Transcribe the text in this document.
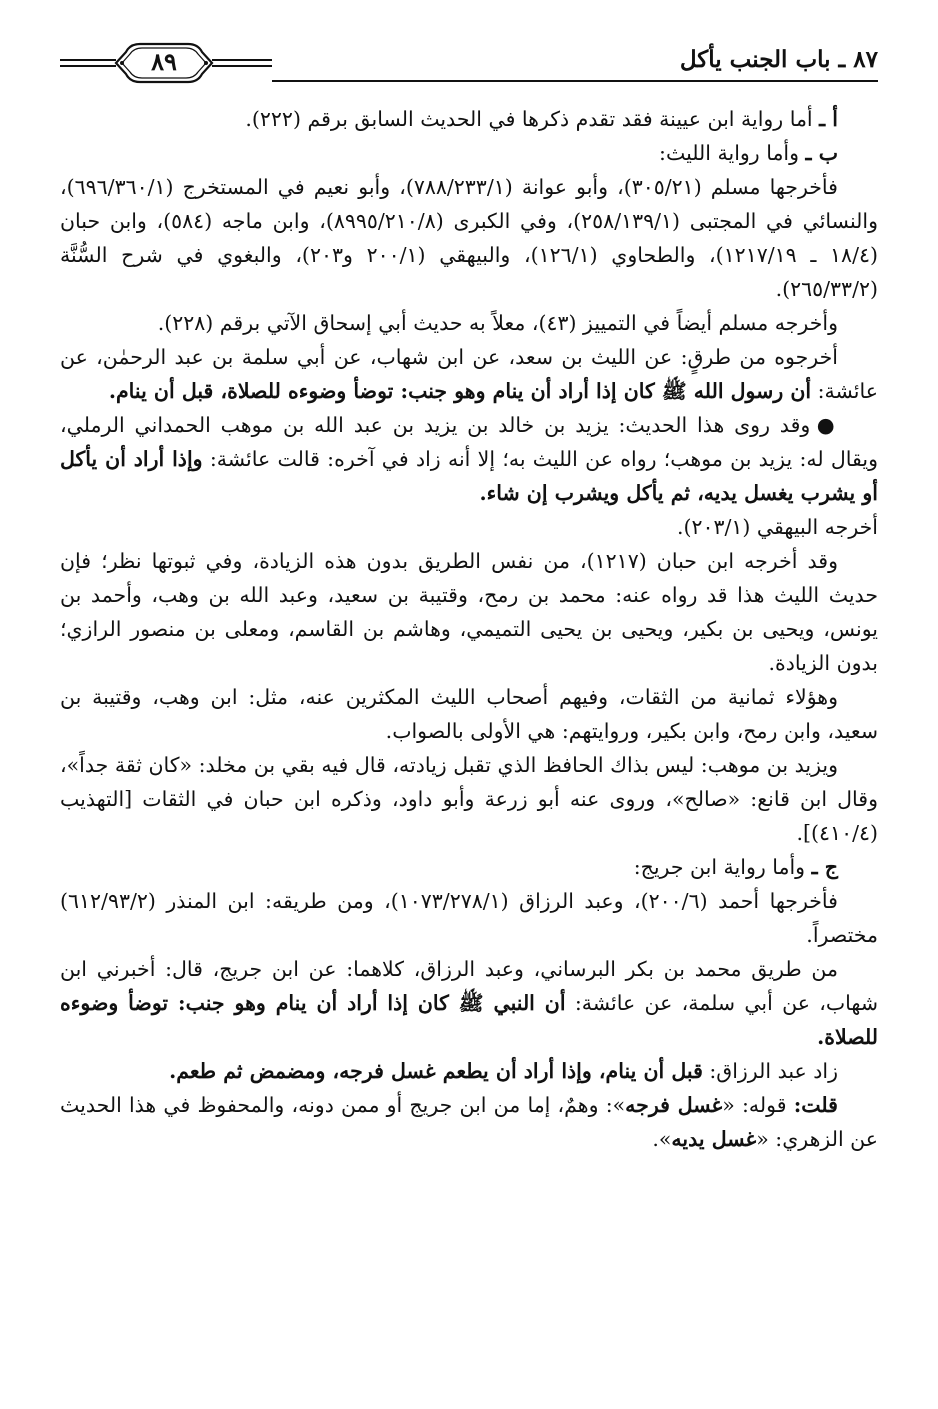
٨٧ ـ باب الجنب يأكل
٨٩

أ ـ أما رواية ابن عيينة فقد تقدم ذكرها في الحديث السابق برقم (٢٢٢).

ب ـ وأما رواية الليث:

فأخرجها مسلم (٣٠٥/٢١)، وأبو عوانة (٧٨٨/٢٣٣/١)، وأبو نعيم في المستخرج (٦٩٦/٣٦٠/١)، والنسائي في المجتبى (٢٥٨/١٣٩/١)، وفي الكبرى (٨٩٩٥/٢١٠/٨)، وابن ماجه (٥٨٤)، وابن حبان (١٨/٤ ـ ١٢١٧/١٩)، والطحاوي (١٢٦/١)، والبيهقي (٢٠٠/١ و٢٠٣)، والبغوي في شرح السُّنَّة (٢٦٥/٣٣/٢).

وأخرجه مسلم أيضاً في التمييز (٤٣)، معلاً به حديث أبي إسحاق الآتي برقم (٢٢٨).

أخرجوه من طرقٍ: عن الليث بن سعد، عن ابن شهاب، عن أبي سلمة بن عبد الرحمٰن، عن عائشة: أن رسول الله ﷺ كان إذا أراد أن ينام وهو جنب: توضأ وضوءه للصلاة، قبل أن ينام.

● وقد روى هذا الحديث: يزيد بن خالد بن يزيد بن عبد الله بن موهب الحمداني الرملي، ويقال له: يزيد بن موهب؛ رواه عن الليث به؛ إلا أنه زاد في آخره: قالت عائشة: وإذا أراد أن يأكل أو يشرب يغسل يديه، ثم يأكل ويشرب إن شاء.

أخرجه البيهقي (٢٠٣/١).

وقد أخرجه ابن حبان (١٢١٧)، من نفس الطريق بدون هذه الزيادة، وفي ثبوتها نظر؛ فإن حديث الليث هذا قد رواه عنه: محمد بن رمح، وقتيبة بن سعيد، وعبد الله بن وهب، وأحمد بن يونس، ويحيى بن بكير، ويحيى بن يحيى التميمي، وهاشم بن القاسم، ومعلى بن منصور الرازي؛ بدون الزيادة.

وهؤلاء ثمانية من الثقات، وفيهم أصحاب الليث المكثرين عنه، مثل: ابن وهب، وقتيبة بن سعيد، وابن رمح، وابن بكير، وروايتهم: هي الأولى بالصواب.

ويزيد بن موهب: ليس بذاك الحافظ الذي تقبل زيادته، قال فيه بقي بن مخلد: «كان ثقة جداً»، وقال ابن قانع: «صالح»، وروى عنه أبو زرعة وأبو داود، وذكره ابن حبان في الثقات [التهذيب (٤١٠/٤)].

ج ـ وأما رواية ابن جريج:

فأخرجها أحمد (٢٠٠/٦)، وعبد الرزاق (١٠٧٣/٢٧٨/١)، ومن طريقه: ابن المنذر (٦١٢/٩٣/٢) مختصراً.

من طريق محمد بن بكر البرساني، وعبد الرزاق، كلاهما: عن ابن جريج، قال: أخبرني ابن شهاب، عن أبي سلمة، عن عائشة: أن النبي ﷺ كان إذا أراد أن ينام وهو جنب: توضأ وضوءه للصلاة.

زاد عبد الرزاق: قبل أن ينام، وإذا أراد أن يطعم غسل فرجه، ومضمض ثم طعم.

قلت: قوله: «غسل فرجه»: وهمٌ، إما من ابن جريج أو ممن دونه، والمحفوظ في هذا الحديث عن الزهري: «غسل يديه».
